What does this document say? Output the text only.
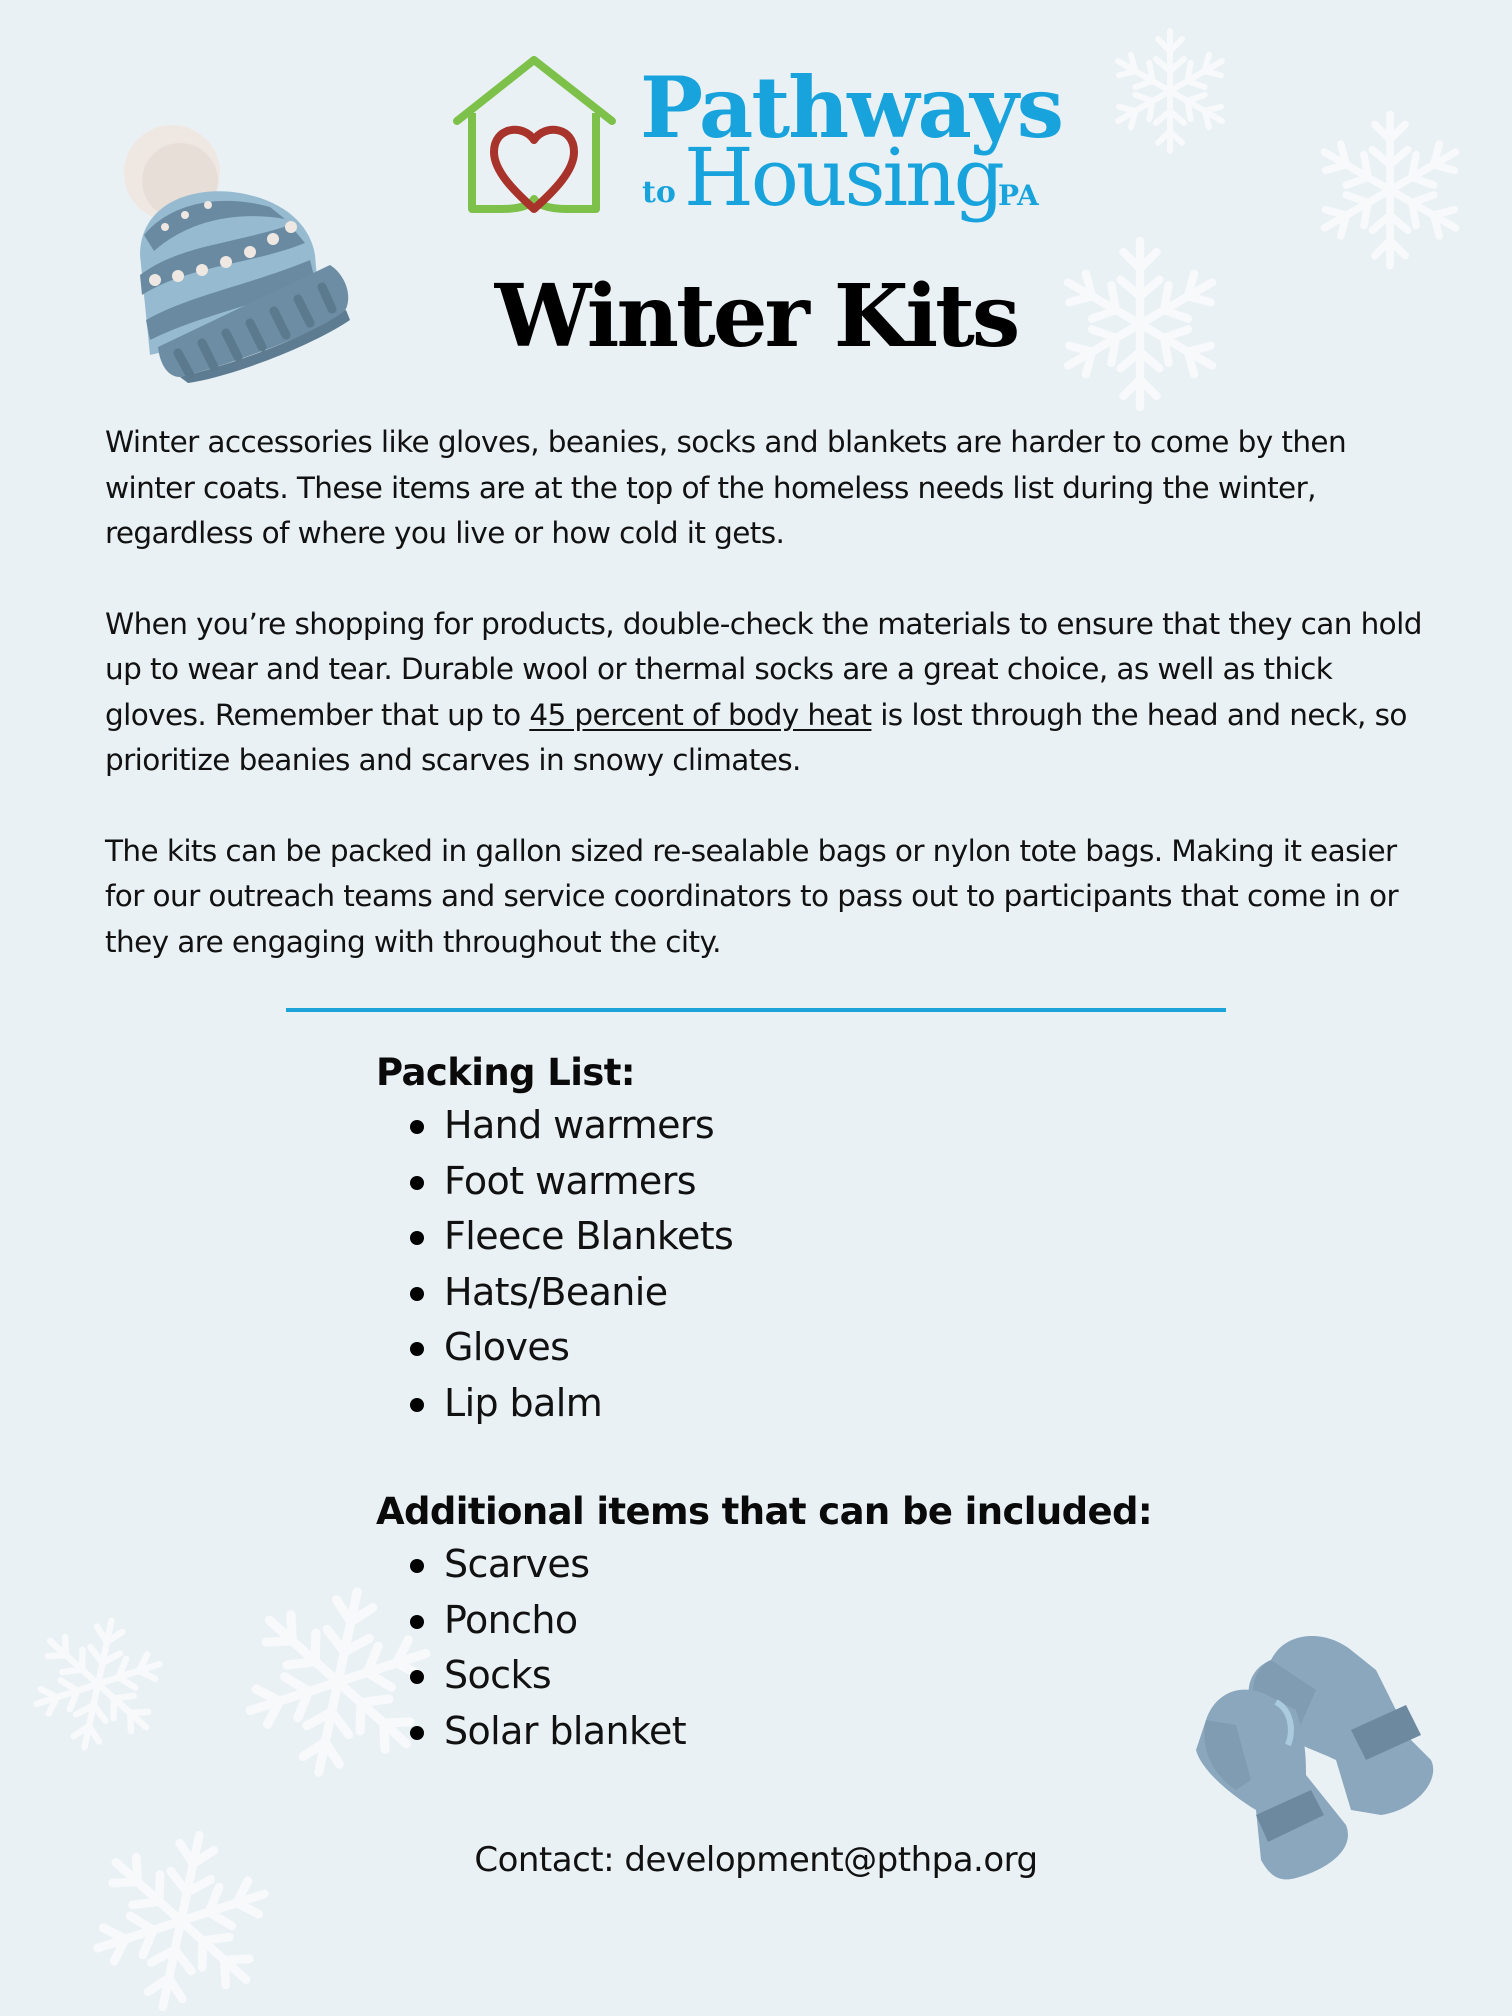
Pathways
to Housing
PA
Winter Kits

Winter accessories like gloves, beanies, socks and blankets are harder to come by then winter coats. These items are at the top of the homeless needs list during the winter, regardless of where you live or how cold it gets.

When you’re shopping for products, double-check the materials to ensure that they can hold up to wear and tear. Durable wool or thermal socks are a great choice, as well as thick gloves. Remember that up to 45 percent of body heat is lost through the head and neck, so prioritize beanies and scarves in snowy climates.

The kits can be packed in gallon sized re-sealable bags or nylon tote bags. Making it easier for our outreach teams and service coordinators to pass out to participants that come in or they are engaging with throughout the city.

Packing List:
Hand warmers
Foot warmers
Fleece Blankets
Hats/Beanie
Gloves
Lip balm
Additional items that can be included:
Scarves
Poncho
Socks
Solar blanket
Contact: development@pthpa.org
